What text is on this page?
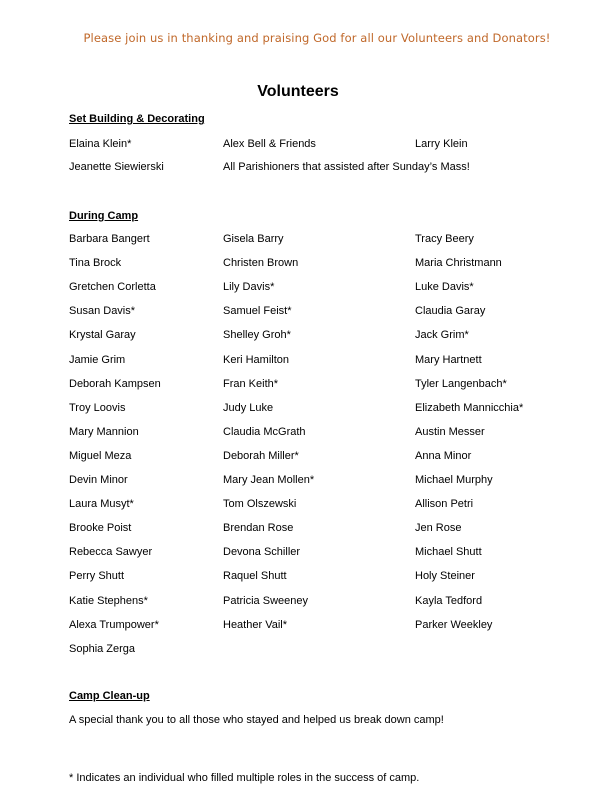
Please join us in thanking and praising God for all our Volunteers and Donators!
Volunteers
Set Building & Decorating
Elaina Klein*	Alex Bell & Friends	Larry Klein
Jeanette Siewierski	All Parishioners that assisted after Sunday’s Mass!
During Camp
Barbara Bangert	Gisela Barry	Tracy Beery
Tina Brock	Christen Brown	Maria Christmann
Gretchen Corletta	Lily Davis*	Luke Davis*
Susan Davis*	Samuel Feist*	Claudia Garay
Krystal Garay	Shelley Groh*	Jack Grim*
Jamie Grim	Keri Hamilton	Mary Hartnett
Deborah Kampsen	Fran Keith*	Tyler Langenbach*
Troy Loovis	Judy Luke	Elizabeth Mannicchia*
Mary Mannion	Claudia McGrath	Austin Messer
Miguel Meza	Deborah Miller*	Anna Minor
Devin Minor	Mary Jean Mollen*	Michael Murphy
Laura Musyt*	Tom Olszewski	Allison Petri
Brooke Poist	Brendan Rose	Jen Rose
Rebecca Sawyer	Devona Schiller	Michael Shutt
Perry Shutt	Raquel Shutt	Holy Steiner
Katie Stephens*	Patricia Sweeney	Kayla Tedford
Alexa Trumpower*	Heather Vail*	Parker Weekley
Sophia Zerga
Camp Clean-up
A special thank you to all those who stayed and helped us break down camp!
* Indicates an individual who filled multiple roles in the success of camp.
